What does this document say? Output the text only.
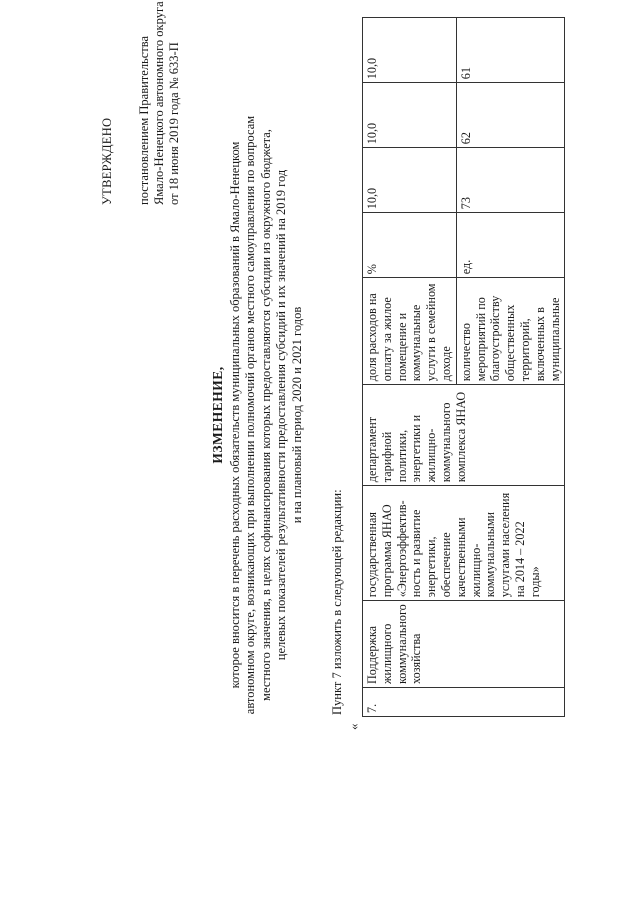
УТВЕРЖДЕНО постановлением Правительства Ямало-Ненецкого автономного округа от 18 июня 2019 года № 633-П
ИЗМЕНЕНИЕ, которое вносится в перечень расходных обязательств муниципальных образований в Ямало-Ненецком автономном округе, возникающих при выполнении полномочий органов местного самоуправления по вопросам местного значения, в целях софинансирования которых предоставляются субсидии из окружного бюджета, целевых показателей результативности предоставления субсидий и их значений на 2019 год и на плановый период 2020 и 2021 годов
Пункт 7 изложить в следующей редакции:
«
7.	Поддержка жилищного коммунального хозяйства	государственная программа ЯНАО «Энергоэффектив-ность и развитие энергетики, обеспечение качественными жилищно-коммунальными услугами населения на 2014 – 2022 годы»	департамент тарифной политики, энергетики и жилищно-коммунального комплекса ЯНАО	доля расходов на оплату за жилое помещение и коммунальные услуги в семейном доходе	%	10,0	10,0	10,0
				количество мероприятий по благоустройству общественных территорий, включенных в муниципальные	ед.	73	62	61
